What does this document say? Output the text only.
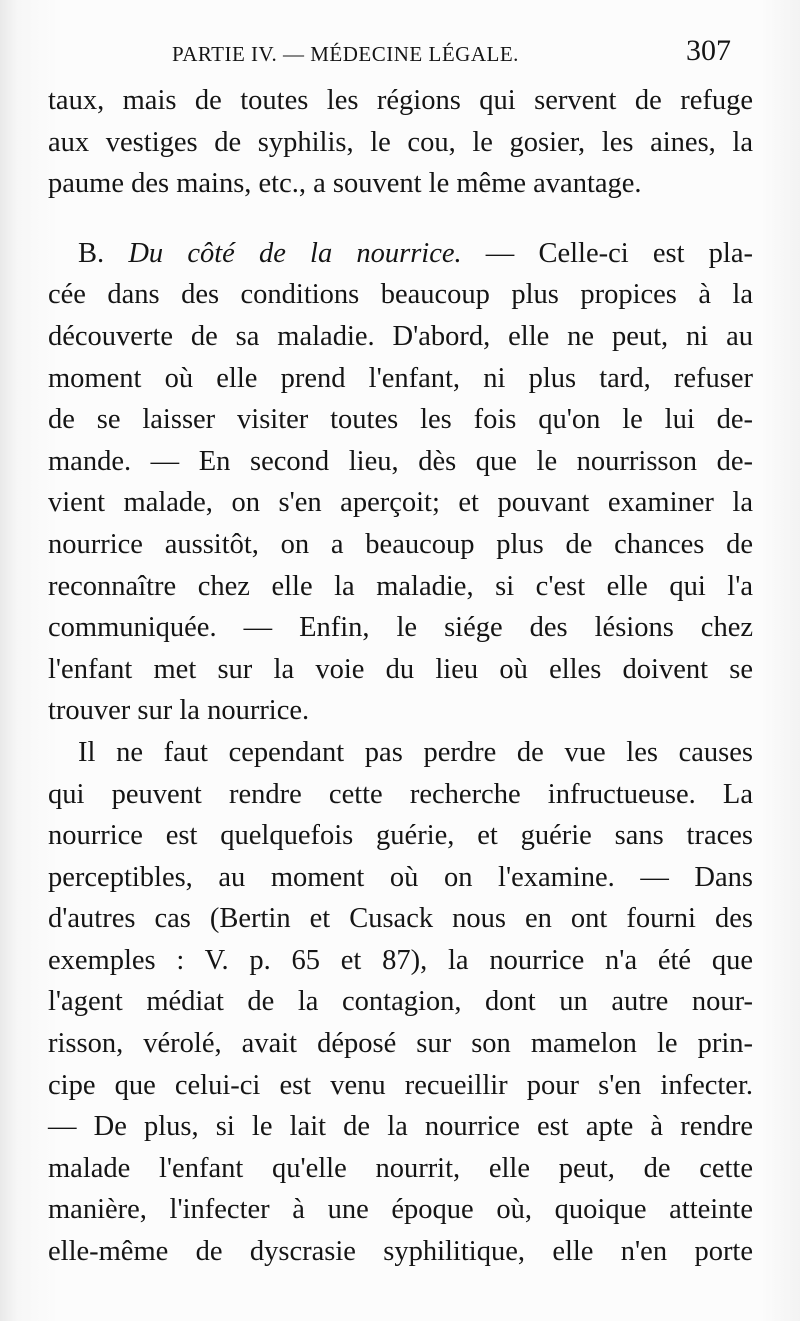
PARTIE IV. — MÉDECINE LÉGALE.	307
taux, mais de toutes les régions qui servent de refuge
aux vestiges de syphilis, le cou, le gosier, les aines, la
paume des mains, etc., a souvent le même avantage.
B. Du côté de la nourrice. — Celle-ci est pla-
cée dans des conditions beaucoup plus propices à la
découverte de sa maladie. D'abord, elle ne peut, ni au
moment où elle prend l'enfant, ni plus tard, refuser
de se laisser visiter toutes les fois qu'on le lui de-
mande. — En second lieu, dès que le nourrisson de-
vient malade, on s'en aperçoit; et pouvant examiner la
nourrice aussitôt, on a beaucoup plus de chances de
reconnaître chez elle la maladie, si c'est elle qui l'a
communiquée. — Enfin, le siége des lésions chez
l'enfant met sur la voie du lieu où elles doivent se
trouver sur la nourrice.
Il ne faut cependant pas perdre de vue les causes
qui peuvent rendre cette recherche infructueuse. La
nourrice est quelquefois guérie, et guérie sans traces
perceptibles, au moment où on l'examine. — Dans
d'autres cas (Bertin et Cusack nous en ont fourni des
exemples : V. p. 65 et 87), la nourrice n'a été que
l'agent médiat de la contagion, dont un autre nour-
risson, vérolé, avait déposé sur son mamelon le prin-
cipe que celui-ci est venu recueillir pour s'en infecter.
— De plus, si le lait de la nourrice est apte à rendre
malade l'enfant qu'elle nourrit, elle peut, de cette
manière, l'infecter à une époque où, quoique atteinte
elle-même de dyscrasie syphilitique, elle n'en porte
